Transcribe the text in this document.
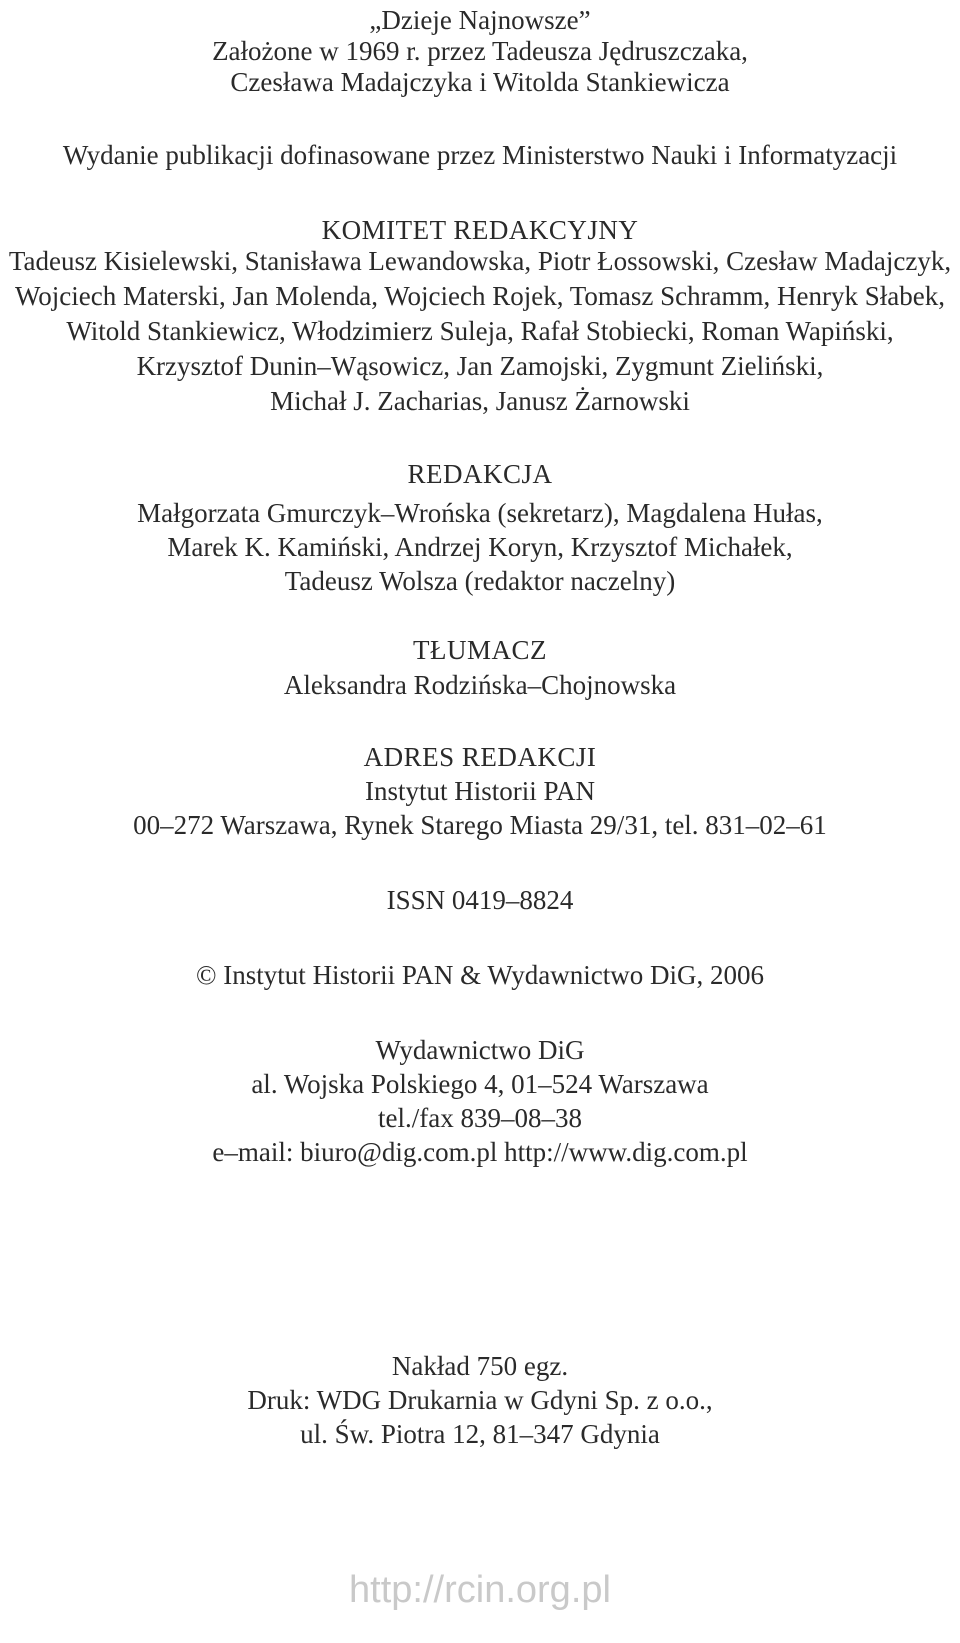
„Dzieje Najnowsze”
Założone w 1969 r. przez Tadeusza Jędruszczaka,
Czesława Madajczyka i Witolda Stankiewicza
Wydanie publikacji dofinasowane przez Ministerstwo Nauki i Informatyzacji
KOMITET REDAKCYJNY
Tadeusz Kisielewski, Stanisława Lewandowska, Piotr Łossowski, Czesław Madajczyk,
Wojciech Materski, Jan Molenda, Wojciech Rojek, Tomasz Schramm, Henryk Słabek,
Witold Stankiewicz, Włodzimierz Suleja, Rafał Stobiecki, Roman Wapiński,
Krzysztof Dunin–Wąsowicz, Jan Zamojski, Zygmunt Zieliński,
Michał J. Zacharias, Janusz Żarnowski
REDAKCJA
Małgorzata Gmurczyk–Wrońska (sekretarz), Magdalena Hułas,
Marek K. Kamiński, Andrzej Koryn, Krzysztof Michałek,
Tadeusz Wolsza (redaktor naczelny)
TŁUMACZ
Aleksandra Rodzińska–Chojnowska
ADRES REDAKCJI
Instytut Historii PAN
00–272 Warszawa, Rynek Starego Miasta 29/31, tel. 831–02–61
ISSN 0419–8824
© Instytut Historii PAN & Wydawnictwo DiG, 2006
Wydawnictwo DiG
al. Wojska Polskiego 4, 01–524 Warszawa
tel./fax 839–08–38
e–mail: biuro@dig.com.pl http://www.dig.com.pl
Nakład 750 egz.
Druk: WDG Drukarnia w Gdyni Sp. z o.o.,
ul. Św. Piotra 12, 81–347 Gdynia
http://rcin.org.pl
